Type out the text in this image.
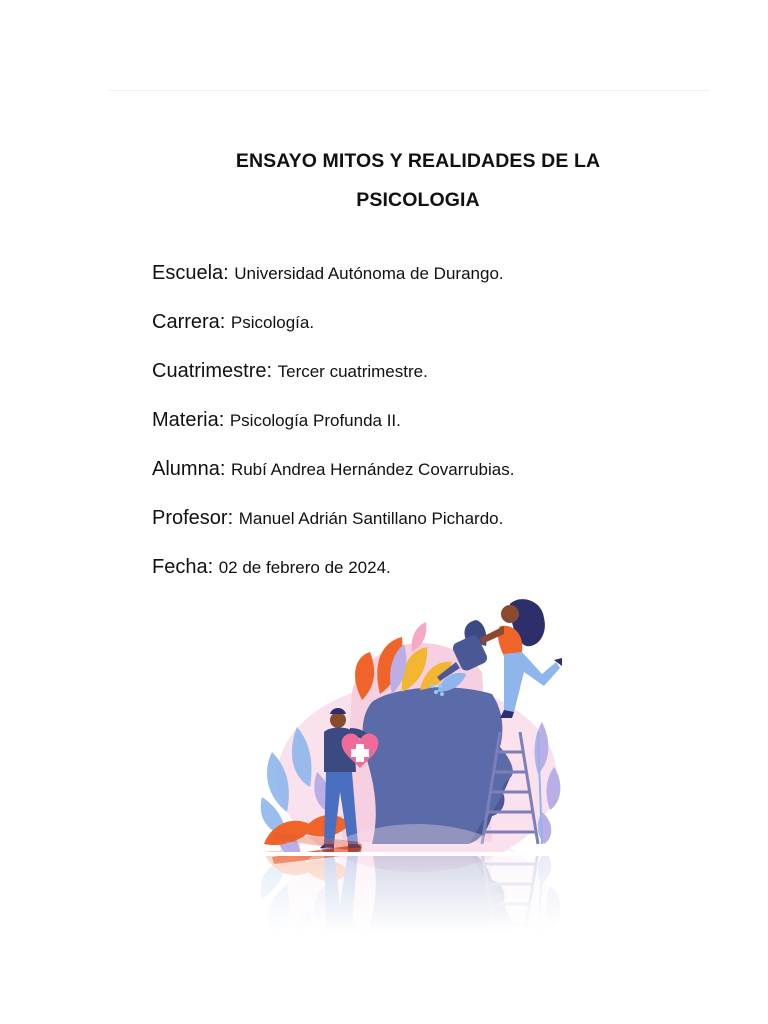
ENSAYO MITOS Y REALIDADES DE LA
PSICOLOGIA
Escuela: Universidad Autónoma de Durango.
Carrera: Psicología.
Cuatrimestre: Tercer cuatrimestre.
Materia: Psicología Profunda II.
Alumna: Rubí Andrea Hernández Covarrubias.
Profesor: Manuel Adrián Santillano Pichardo.
Fecha: 02 de febrero de 2024.
